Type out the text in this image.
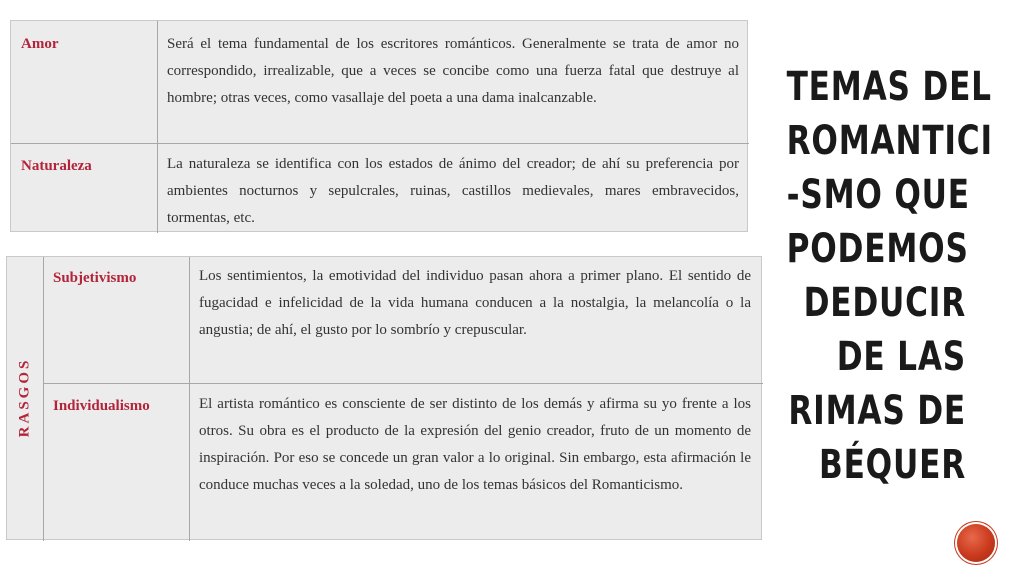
Amor	Será el tema fundamental de los escritores románticos. Generalmente se trata de amor no correspondido, irrealizable, que a veces se concibe como una fuerza fatal que destruye al hombre; otras veces, como vasallaje del poeta a una dama inalcanzable.

Naturaleza	La naturaleza se identifica con los estados de ánimo del creador; de ahí su preferencia por ambientes nocturnos y sepulcrales, ruinas, castillos medievales, mares embravecidos, tormentas, etc.

RASGOS
Subjetivismo	Los sentimientos, la emotividad del individuo pasan ahora a primer plano. El sentido de fugacidad e infelicidad de la vida humana conducen a la nostalgia, la melancolía o la angustia; de ahí, el gusto por lo sombrío y crepuscular.

Individualismo	El artista romántico es consciente de ser distinto de los demás y afirma su yo frente a los otros. Su obra es el producto de la expresión del genio creador, fruto de un momento de inspiración. Por eso se concede un gran valor a lo original. Sin embargo, esta afirmación le conduce muchas veces a la soledad, uno de los temas básicos del Romanticismo.

TEMAS DEL
ROMANTICI
-SMO QUE
PODEMOS
DEDUCIR
DE LAS
RIMAS DE
BÉQUER
